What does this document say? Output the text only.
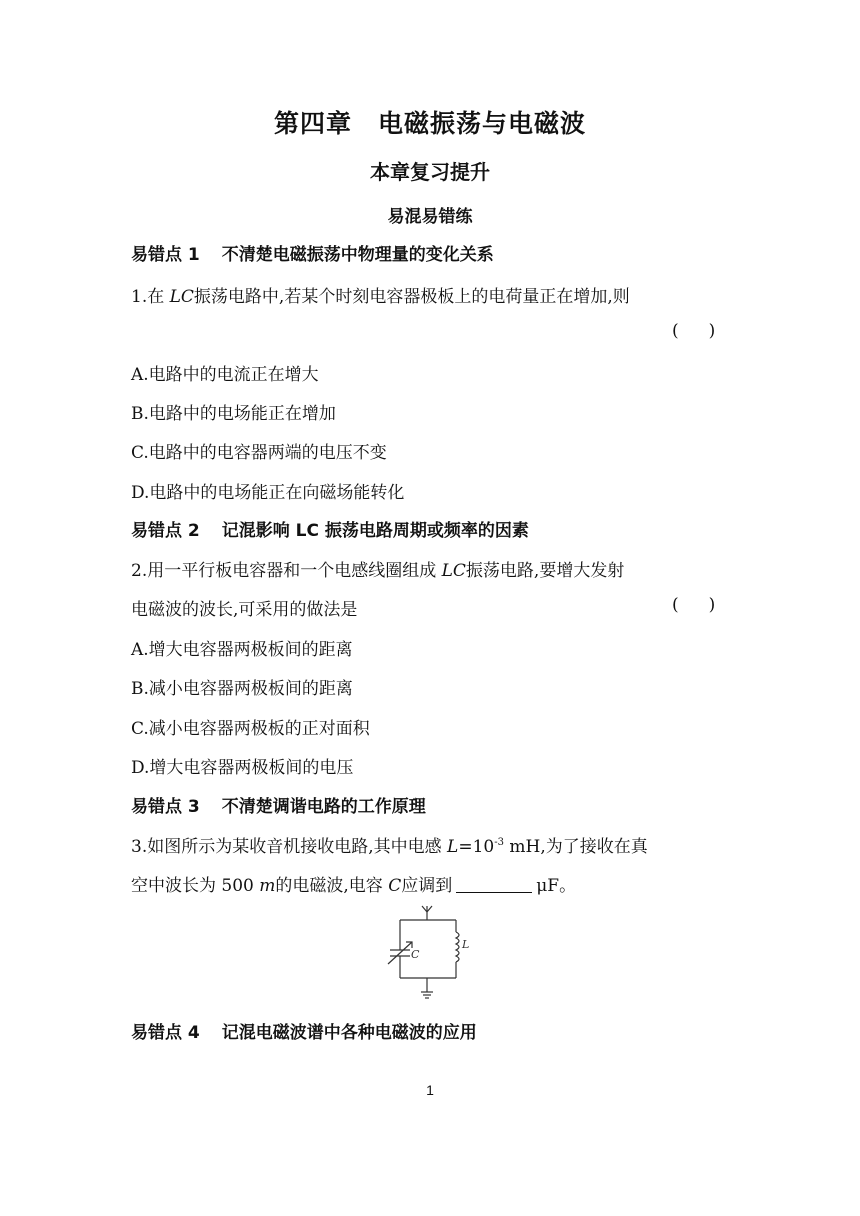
第四章　电磁振荡与电磁波
本章复习提升
易混易错练
易错点 1 不清楚电磁振荡中物理量的变化关系
1.在 LC振荡电路中,若某个时刻电容器极板上的电荷量正在增加,则
()
A.电路中的电流正在增大
B.电路中的电场能正在增加
C.电路中的电容器两端的电压不变
D.电路中的电场能正在向磁场能转化
易错点 2 记混影响 LC 振荡电路周期或频率的因素
2.用一平行板电容器和一个电感线圈组成 LC振荡电路,要增大发射
电磁波的波长,可采用的做法是	()
A.增大电容器两极板间的距离
B.减小电容器两极板间的距离
C.减小电容器两极板的正对面积
D.增大电容器两极板间的电压
易错点 3 不清楚调谐电路的工作原理
3.如图所示为某收音机接收电路,其中电感 $L=10^{-3}$ mH,为了接收在真
空中波长为 500 m的电磁波,电容 C应调到	μF。
C
L
易错点 4 记混电磁波谱中各种电磁波的应用
1
